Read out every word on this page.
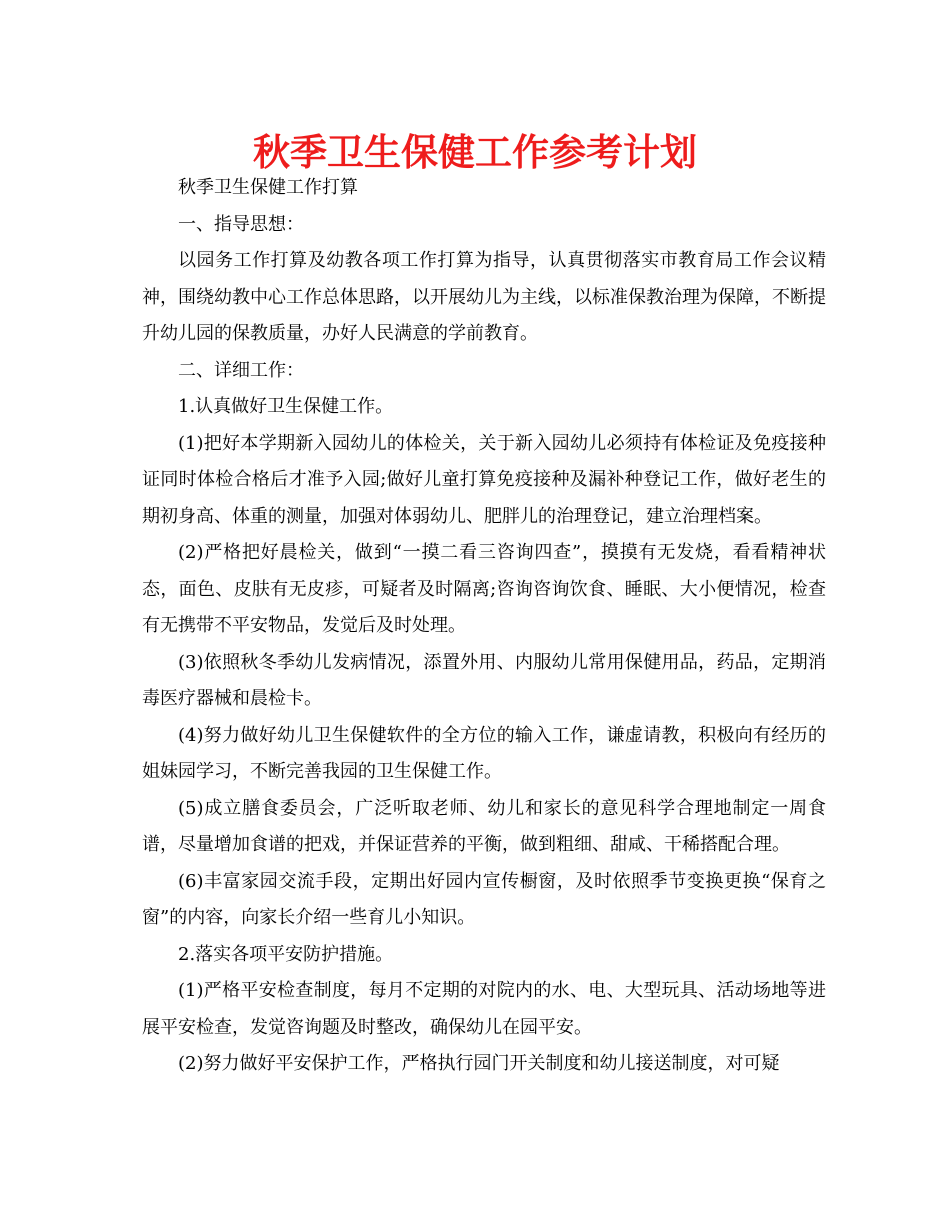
秋季卫生保健工作参考计划

秋季卫生保健工作打算

一、指导思想：

以园务工作打算及幼教各项工作打算为指导，认真贯彻落实市教育局工作会议精神，围绕幼教中心工作总体思路，以开展幼儿为主线，以标准保教治理为保障，不断提升幼儿园的保教质量，办好人民满意的学前教育。

二、详细工作：

1.认真做好卫生保健工作。

(1)把好本学期新入园幼儿的体检关，关于新入园幼儿必须持有体检证及免疫接种证同时体检合格后才准予入园;做好儿童打算免疫接种及漏补种登记工作，做好老生的期初身高、体重的测量，加强对体弱幼儿、肥胖儿的治理登记，建立治理档案。

(2)严格把好晨检关，做到“一摸二看三咨询四查”，摸摸有无发烧，看看精神状态，面色、皮肤有无皮疹，可疑者及时隔离;咨询咨询饮食、睡眠、大小便情况，检查有无携带不平安物品，发觉后及时处理。

(3)依照秋冬季幼儿发病情况，添置外用、内服幼儿常用保健用品，药品，定期消毒医疗器械和晨检卡。

(4)努力做好幼儿卫生保健软件的全方位的输入工作，谦虚请教，积极向有经历的姐妹园学习，不断完善我园的卫生保健工作。

(5)成立膳食委员会，广泛听取老师、幼儿和家长的意见科学合理地制定一周食谱，尽量增加食谱的把戏，并保证营养的平衡，做到粗细、甜咸、干稀搭配合理。

(6)丰富家园交流手段，定期出好园内宣传橱窗，及时依照季节变换更换“保育之窗”的内容，向家长介绍一些育儿小知识。

2.落实各项平安防护措施。

(1)严格平安检查制度，每月不定期的对院内的水、电、大型玩具、活动场地等进展平安检查，发觉咨询题及时整改，确保幼儿在园平安。

(2)努力做好平安保护工作，严格执行园门开关制度和幼儿接送制度，对可疑
